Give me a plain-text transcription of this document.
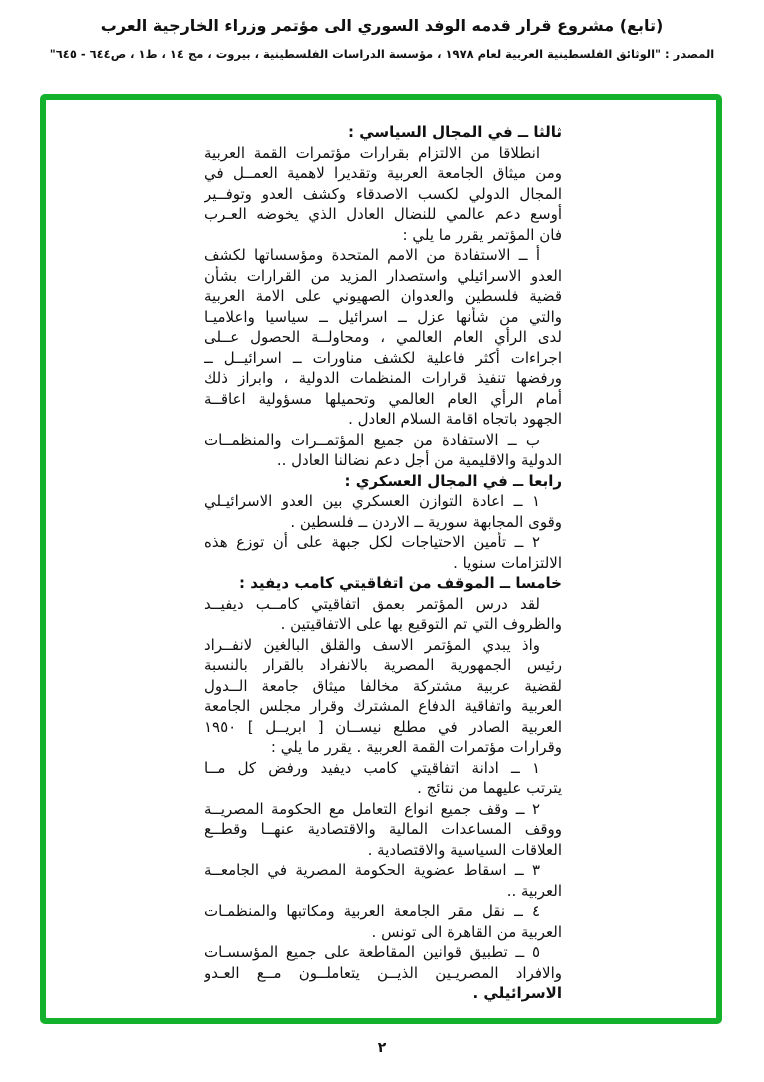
(تابع) مشروع قرار قدمه الوفد السوري الى مؤتمر وزراء الخارجية العرب
المصدر : "الوثائق الفلسطينية العربية لعام ١٩٧٨ ، مؤسسة الدراسات الفلسطينية ، بيروت ، مج ١٤ ، ط١ ، ص٦٤٤ - ٦٤٥"
ثالثا ــ في المجال السياسي :
انطلاقا من الالتزام بقرارات مؤتمرات القمة العربية
ومن ميثاق الجامعة العربية وتقديرا لاهمية العمــل في
المجال الدولي لكسب الاصدقاء وكشف العدو وتوفــير
أوسع دعم عالمي للنضال العادل الذي يخوضه العـرب
فان المؤتمر يقرر ما يلي :
أ ــ الاستفادة من الامم المتحدة ومؤسساتها لكشف
العدو الاسرائيلي واستصدار المزيد من القرارات بشأن
قضية فلسطين والعدوان الصهيوني على الامة العربية
والتي من شأنها عزل ــ اسرائيل ــ سياسيا واعلاميـا
لدى الرأي العام العالمي ، ومحاولــة الحصول عــلى
اجراءات أكثر فاعلية لكشف مناورات ــ اسرائيــل ــ
ورفضها تنفيذ قرارات المنظمات الدولية ، وابراز ذلك
أمام الرأي العام العالمي وتحميلها مسؤولية اعاقــة
الجهود باتجاه اقامة السلام العادل .
ب ــ الاستفادة من جميع المؤتمــرات والمنظمــات
الدولية والاقليمية من أجل دعم نضالنا العادل ..
رابعا ــ في المجال العسكري :
١ ــ اعادة التوازن العسكري بين العدو الاسرائيـلي
وقوى المجابهة سورية ــ الاردن ــ فلسطين .
٢ ــ تأمين الاحتياجات لكل جبهة على أن توزع هذه
الالتزامات سنويا .
خامسا ــ الموقف من اتفاقيتي كامب ديفيد :
لقد درس المؤتمر بعمق اتفاقيتي كامــب ديفيــد
والظروف التي تم التوقيع بها على الاتفاقيتين .
واذ يبدي المؤتمر الاسف والقلق البالغين لانفــراد
رئيس الجمهورية المصرية بالانفراد بالقرار بالنسبة
لقضية عربية مشتركة مخالفا ميثاق جامعة الــدول
العربية واتفاقية الدفاع المشترك وقرار مجلس الجامعة
العربية الصادر في مطلع نيســان [ ابريــل ] ١٩٥٠
وقرارات مؤتمرات القمة العربية . يقرر ما يلي :
١ ــ ادانة اتفاقيتي كامب ديفيد ورفض كل مــا
يترتب عليهما من نتائج .
٢ ــ وقف جميع انواع التعامل مع الحكومة المصريــة
ووقف المساعدات المالية والاقتصادية عنهــا وقطــع
العلاقات السياسية والاقتصادية .
٣ ــ اسقاط عضوية الحكومة المصرية في الجامعــة
العربية ..
٤ ــ نقل مقر الجامعة العربية ومكاتبها والمنظمـات
العربية من القاهرة الى تونس .
٥ ــ تطبيق قوانين المقاطعة على جميع المؤسسـات
والافراد المصريـين الذيــن يتعاملــون مــع العـدو
الاسرائيلي .
٢
